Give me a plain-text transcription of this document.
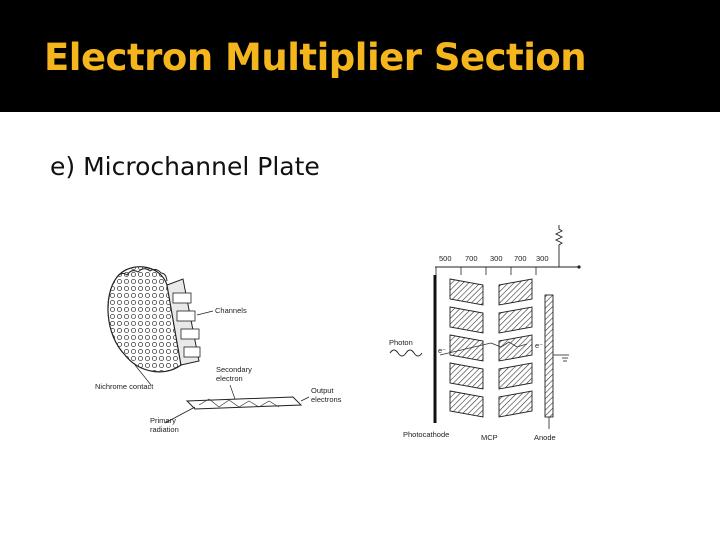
Electron Multiplier Section
e) Microchannel Plate
Channels
Nichrome contact
Primary
radiation
Secondary
electron
Output
electrons
500 700 300 700 300
Photon
e⁻
e⁻
Photocathode	MCP	Anode
